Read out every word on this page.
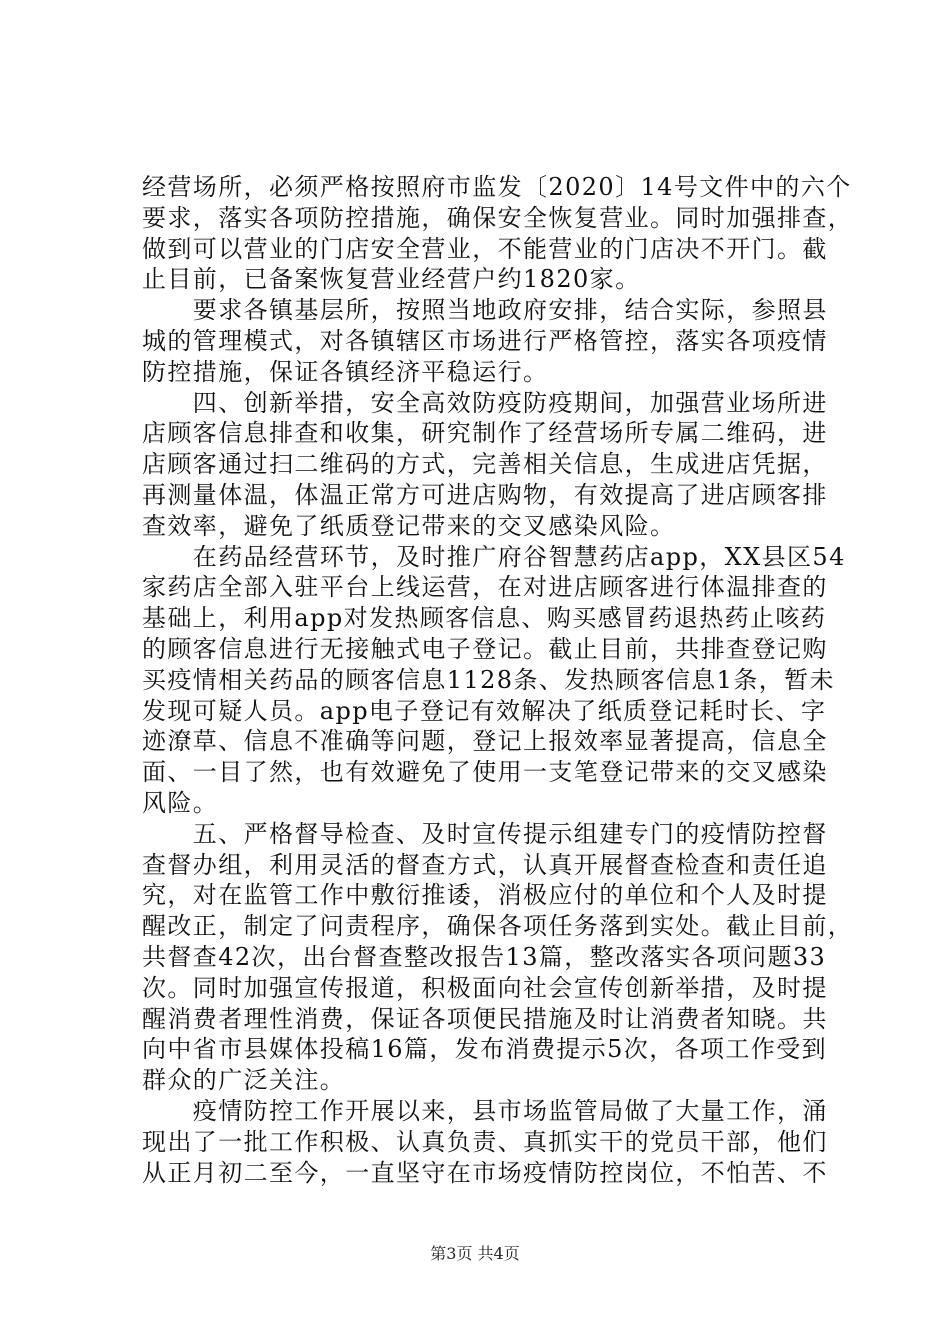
经营场所，必须严格按照府市监发〔2020〕14号文件中的六个
要求，落实各项防控措施，确保安全恢复营业。同时加强排查，
做到可以营业的门店安全营业，不能营业的门店决不开门。截
止目前，已备案恢复营业经营户约1820家。
　　要求各镇基层所，按照当地政府安排，结合实际，参照县
城的管理模式，对各镇辖区市场进行严格管控，落实各项疫情
防控措施，保证各镇经济平稳运行。
　　四、创新举措，安全高效防疫防疫期间，加强营业场所进
店顾客信息排查和收集，研究制作了经营场所专属二维码，进
店顾客通过扫二维码的方式，完善相关信息，生成进店凭据，
再测量体温，体温正常方可进店购物，有效提高了进店顾客排
查效率，避免了纸质登记带来的交叉感染风险。
　　在药品经营环节，及时推广府谷智慧药店app，XX县区54
家药店全部入驻平台上线运营，在对进店顾客进行体温排查的
基础上，利用app对发热顾客信息、购买感冒药退热药止咳药
的顾客信息进行无接触式电子登记。截止目前，共排查登记购
买疫情相关药品的顾客信息1128条、发热顾客信息1条，暂未
发现可疑人员。app电子登记有效解决了纸质登记耗时长、字
迹潦草、信息不准确等问题，登记上报效率显著提高，信息全
面、一目了然，也有效避免了使用一支笔登记带来的交叉感染
风险。
　　五、严格督导检查、及时宣传提示组建专门的疫情防控督
查督办组，利用灵活的督查方式，认真开展督查检查和责任追
究，对在监管工作中敷衍推诿，消极应付的单位和个人及时提
醒改正，制定了问责程序，确保各项任务落到实处。截止目前，
共督查42次，出台督查整改报告13篇，整改落实各项问题33
次。同时加强宣传报道，积极面向社会宣传创新举措，及时提
醒消费者理性消费，保证各项便民措施及时让消费者知晓。共
向中省市县媒体投稿16篇，发布消费提示5次，各项工作受到
群众的广泛关注。
　　疫情防控工作开展以来，县市场监管局做了大量工作，涌
现出了一批工作积极、认真负责、真抓实干的党员干部，他们
从正月初二至今，一直坚守在市场疫情防控岗位，不怕苦、不
第3页 共4页
